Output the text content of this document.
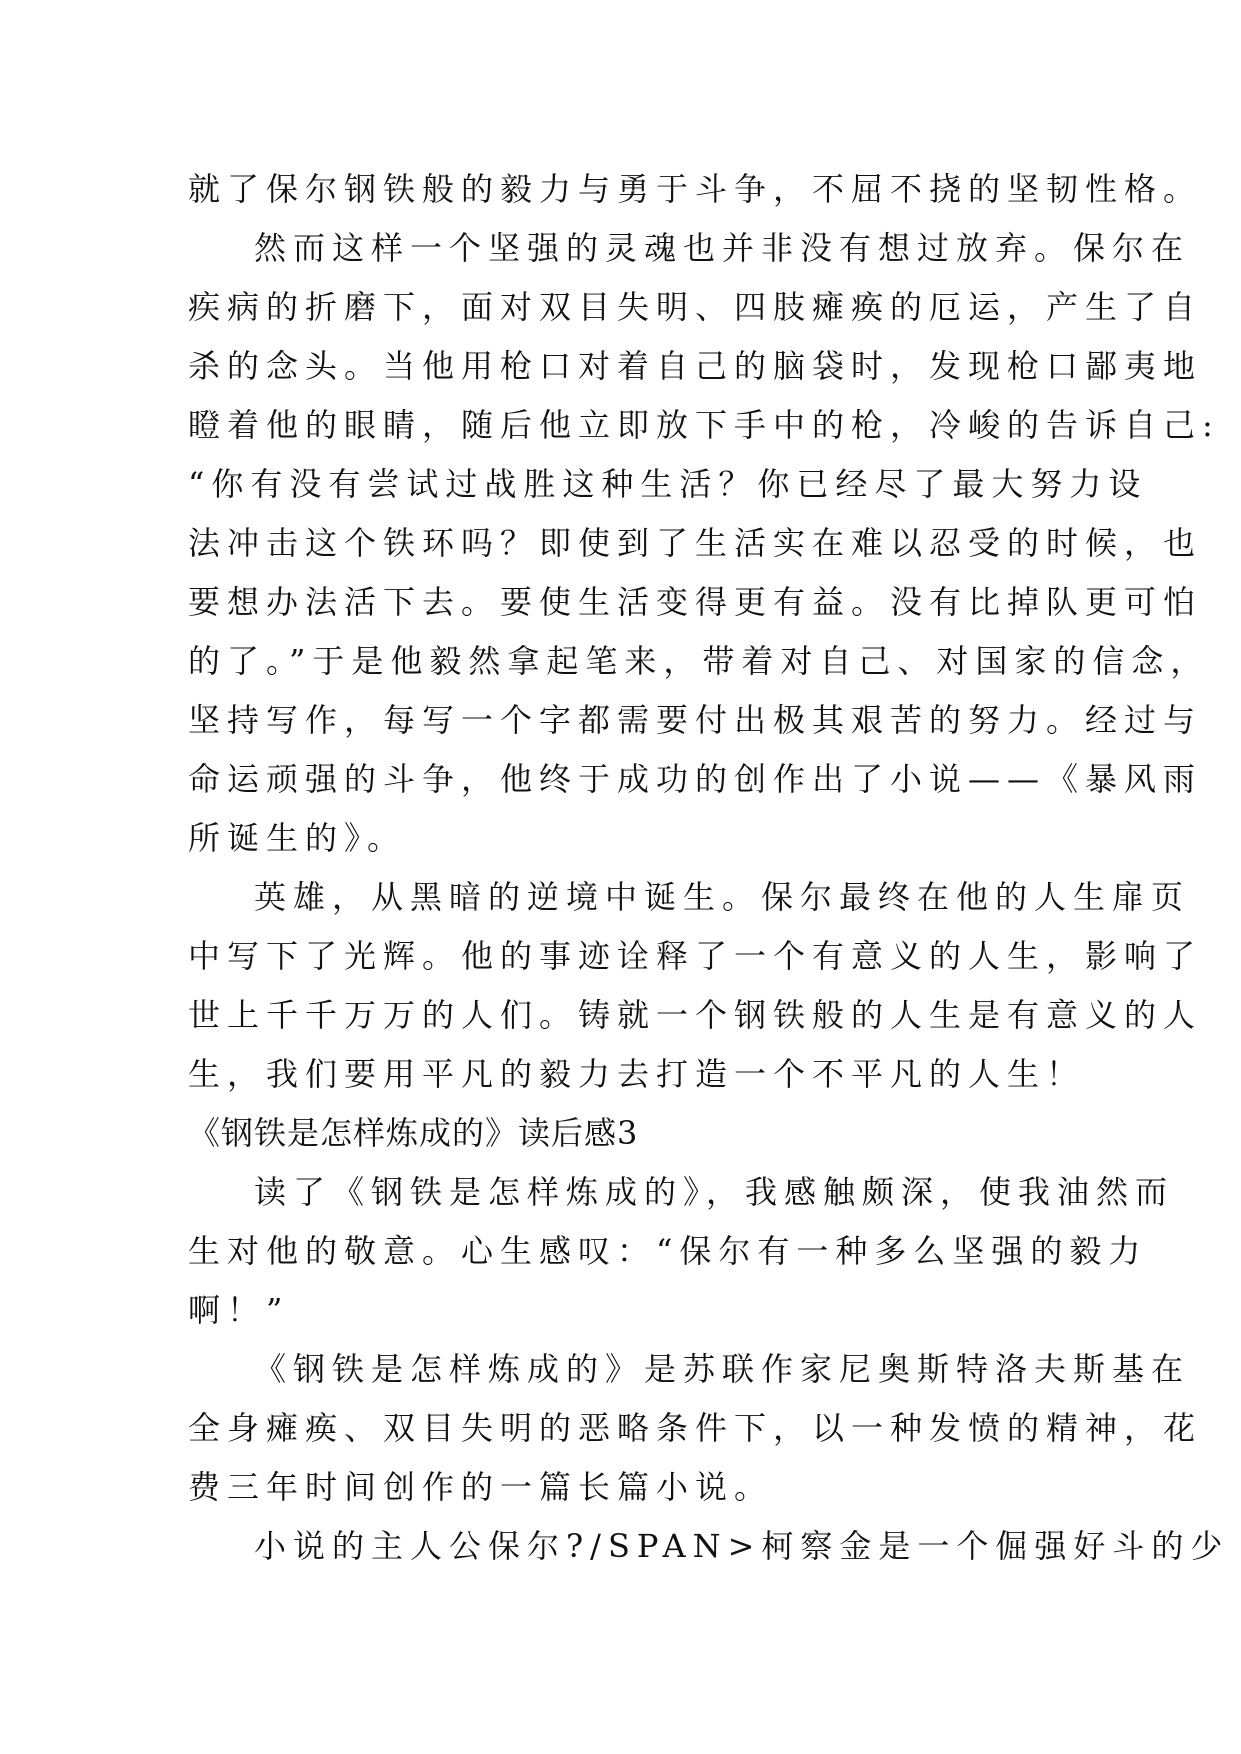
就了保尔钢铁般的毅力与勇于斗争，不屈不挠的坚韧性格。
然而这样一个坚强的灵魂也并非没有想过放弃。保尔在
疾病的折磨下，面对双目失明、四肢瘫痪的厄运，产生了自
杀的念头。当他用枪口对着自己的脑袋时，发现枪口鄙夷地
瞪着他的眼睛，随后他立即放下手中的枪，冷峻的告诉自己:
“你有没有尝试过战胜这种生活？你已经尽了最大努力设
法冲击这个铁环吗？即使到了生活实在难以忍受的时候，也
要想办法活下去。要使生活变得更有益。没有比掉队更可怕
的了。”于是他毅然拿起笔来，带着对自己、对国家的信念，
坚持写作，每写一个字都需要付出极其艰苦的努力。经过与
命运顽强的斗争，他终于成功的创作出了小说——《暴风雨
所诞生的》。
英雄，从黑暗的逆境中诞生。保尔最终在他的人生扉页
中写下了光辉。他的事迹诠释了一个有意义的人生，影响了
世上千千万万的人们。铸就一个钢铁般的人生是有意义的人
生，我们要用平凡的毅力去打造一个不平凡的人生！
《钢铁是怎样炼成的》读后感3
读了《钢铁是怎样炼成的》，我感触颇深，使我油然而
生对他的敬意。心生感叹：“保尔有一种多么坚强的毅力
啊！”
《钢铁是怎样炼成的》是苏联作家尼奥斯特洛夫斯基在
全身瘫痪、双目失明的恶略条件下，以一种发愤的精神，花
费三年时间创作的一篇长篇小说。
小说的主人公保尔?/SPAN>柯察金是一个倔强好斗的少
